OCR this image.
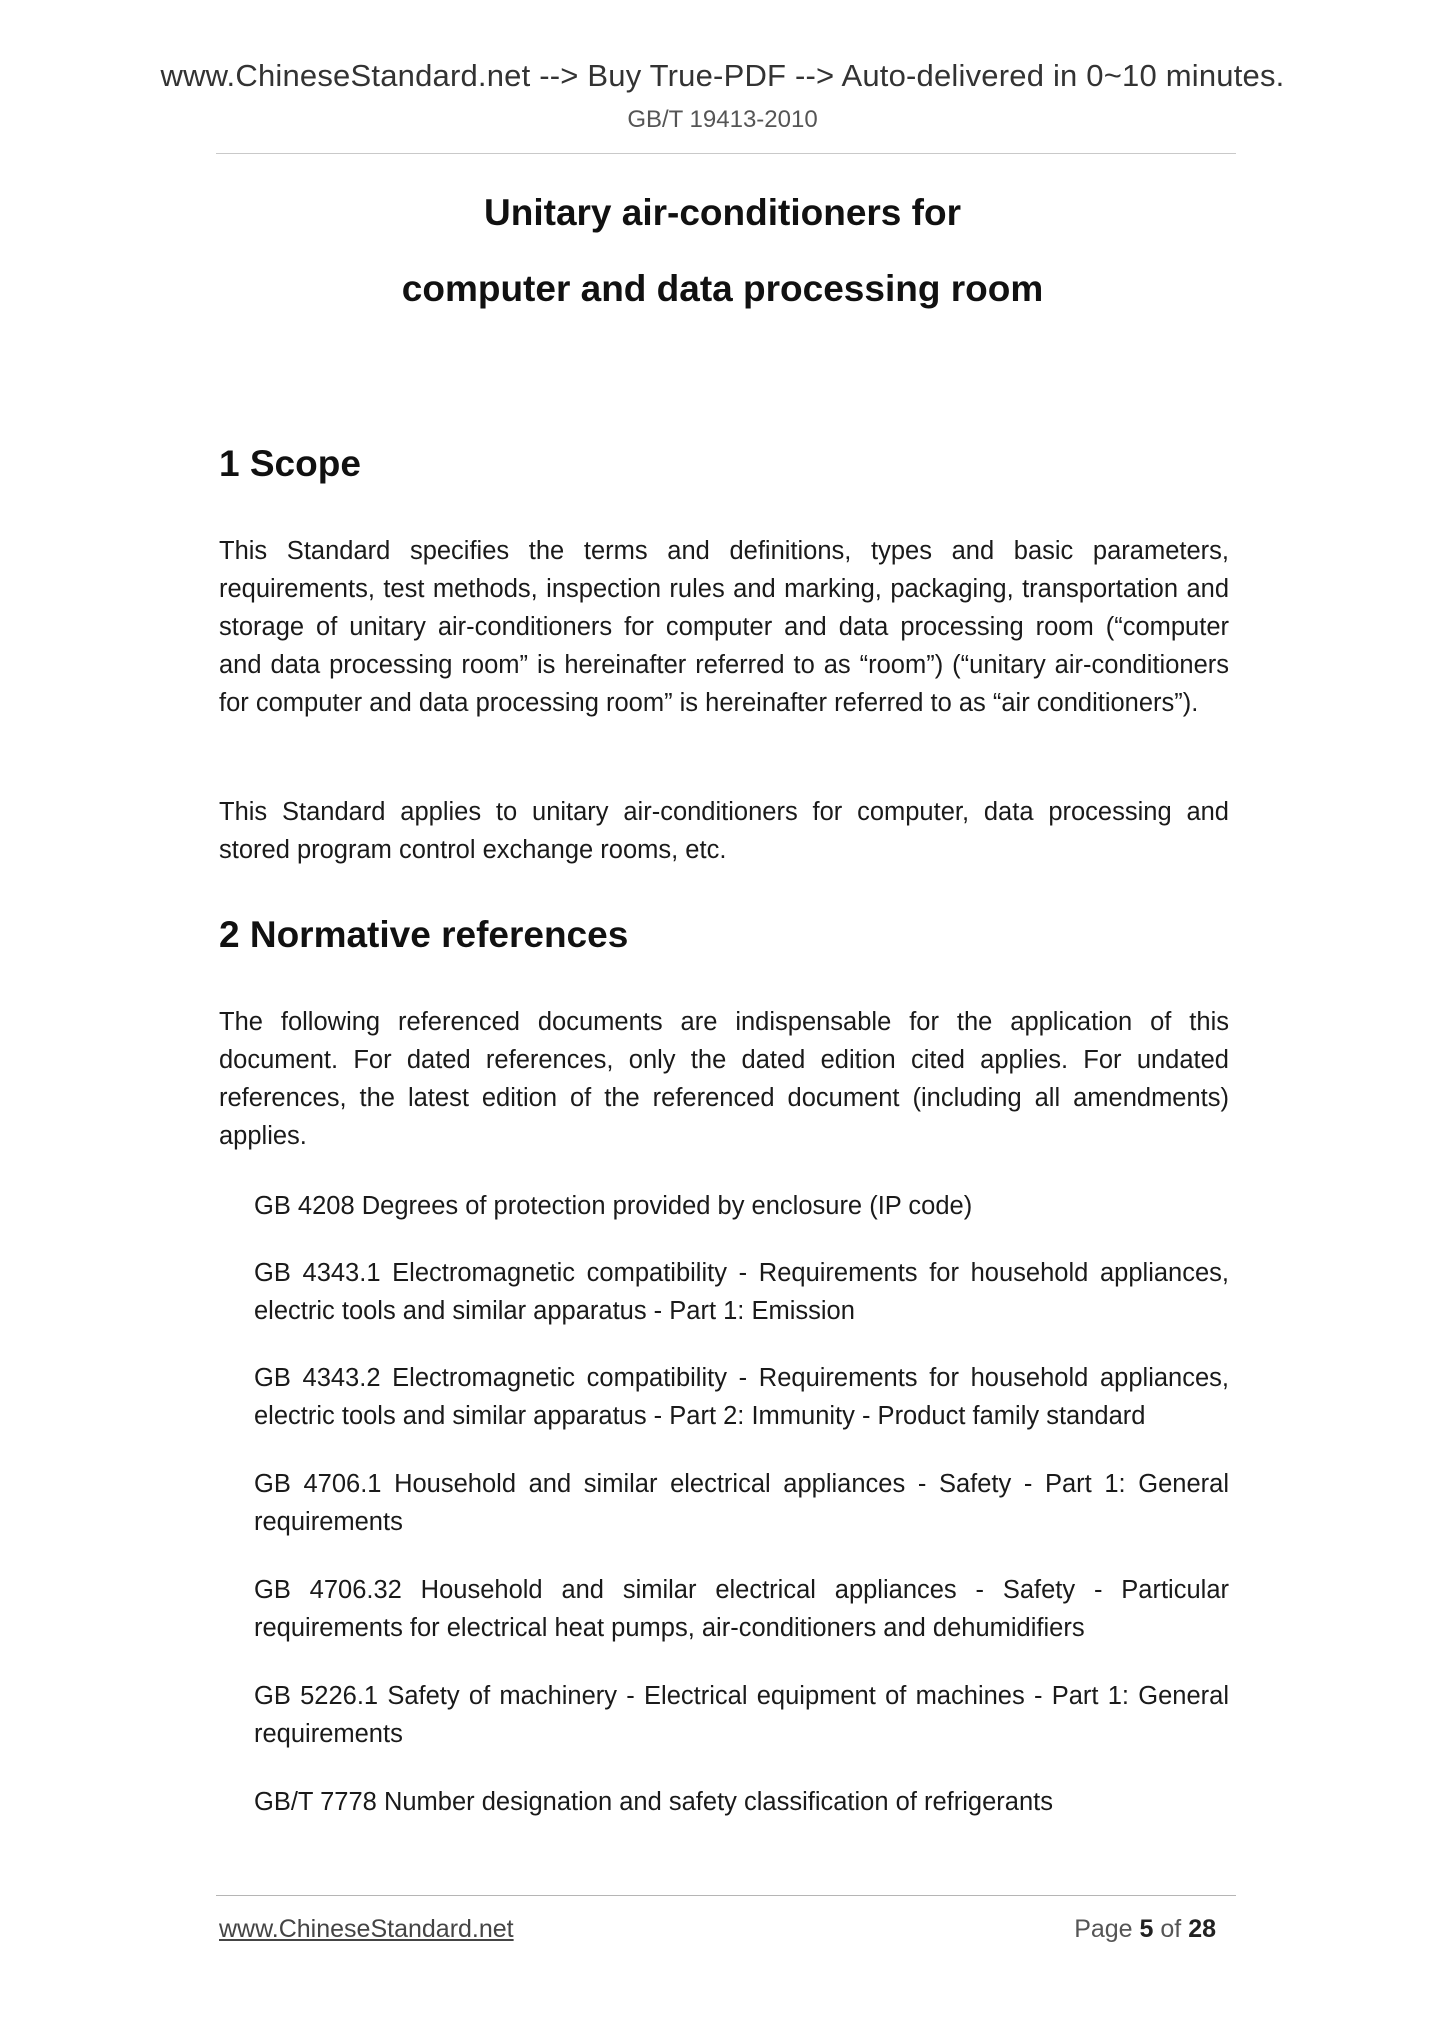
www.ChineseStandard.net --> Buy True-PDF --> Auto-delivered in 0~10 minutes.
GB/T 19413-2010
Unitary air-conditioners for
computer and data processing room
1 Scope
This Standard specifies the terms and definitions, types and basic parameters, requirements, test methods, inspection rules and marking, packaging, transportation and storage of unitary air-conditioners for computer and data processing room (“computer and data processing room” is hereinafter referred to as “room”) (“unitary air-conditioners for computer and data processing room” is hereinafter referred to as “air conditioners”).
This Standard applies to unitary air-conditioners for computer, data processing and stored program control exchange rooms, etc.
2 Normative references
The following referenced documents are indispensable for the application of this document. For dated references, only the dated edition cited applies. For undated references, the latest edition of the referenced document (including all amendments) applies.
GB 4208 Degrees of protection provided by enclosure (IP code)
GB 4343.1 Electromagnetic compatibility - Requirements for household appliances, electric tools and similar apparatus - Part 1: Emission
GB 4343.2 Electromagnetic compatibility - Requirements for household appliances, electric tools and similar apparatus - Part 2: Immunity - Product family standard
GB 4706.1 Household and similar electrical appliances - Safety - Part 1: General requirements
GB 4706.32 Household and similar electrical appliances - Safety - Particular requirements for electrical heat pumps, air-conditioners and dehumidifiers
GB 5226.1 Safety of machinery - Electrical equipment of machines - Part 1: General requirements
GB/T 7778 Number designation and safety classification of refrigerants
www.ChineseStandard.net	Page 5 of 28
